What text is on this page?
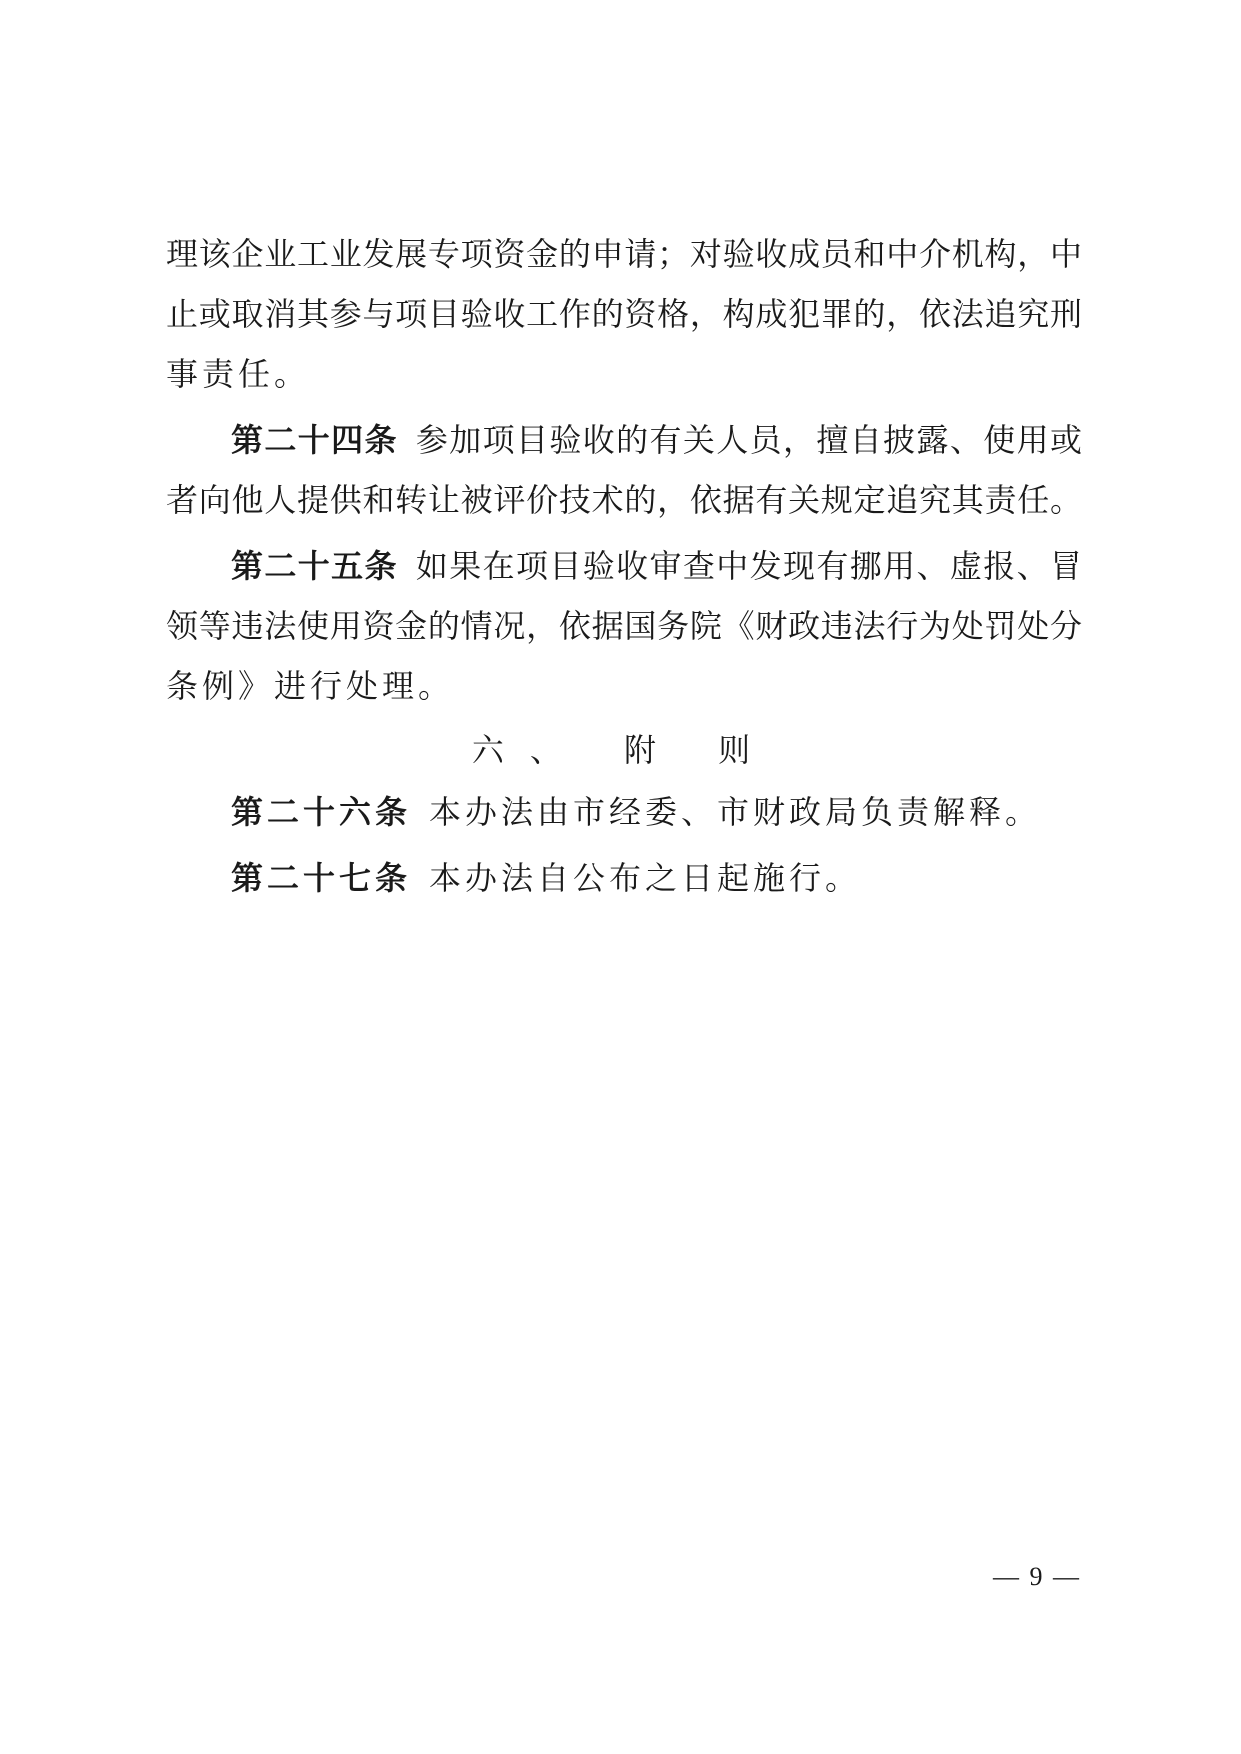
理该企业工业发展专项资金的申请；对验收成员和中介机构，中
止或取消其参与项目验收工作的资格，构成犯罪的，依法追究刑
事责任。
第二十四条 参加项目验收的有关人员，擅自披露、使用或
者向他人提供和转让被评价技术的，依据有关规定追究其责任。
第二十五条 如果在项目验收审查中发现有挪用、虚报、冒
领等违法使用资金的情况，依据国务院《财政违法行为处罚处分
条例》进行处理。
六、 附 则
第二十六条 本办法由市经委、市财政局负责解释。
第二十七条 本办法自公布之日起施行。
— 9 —
